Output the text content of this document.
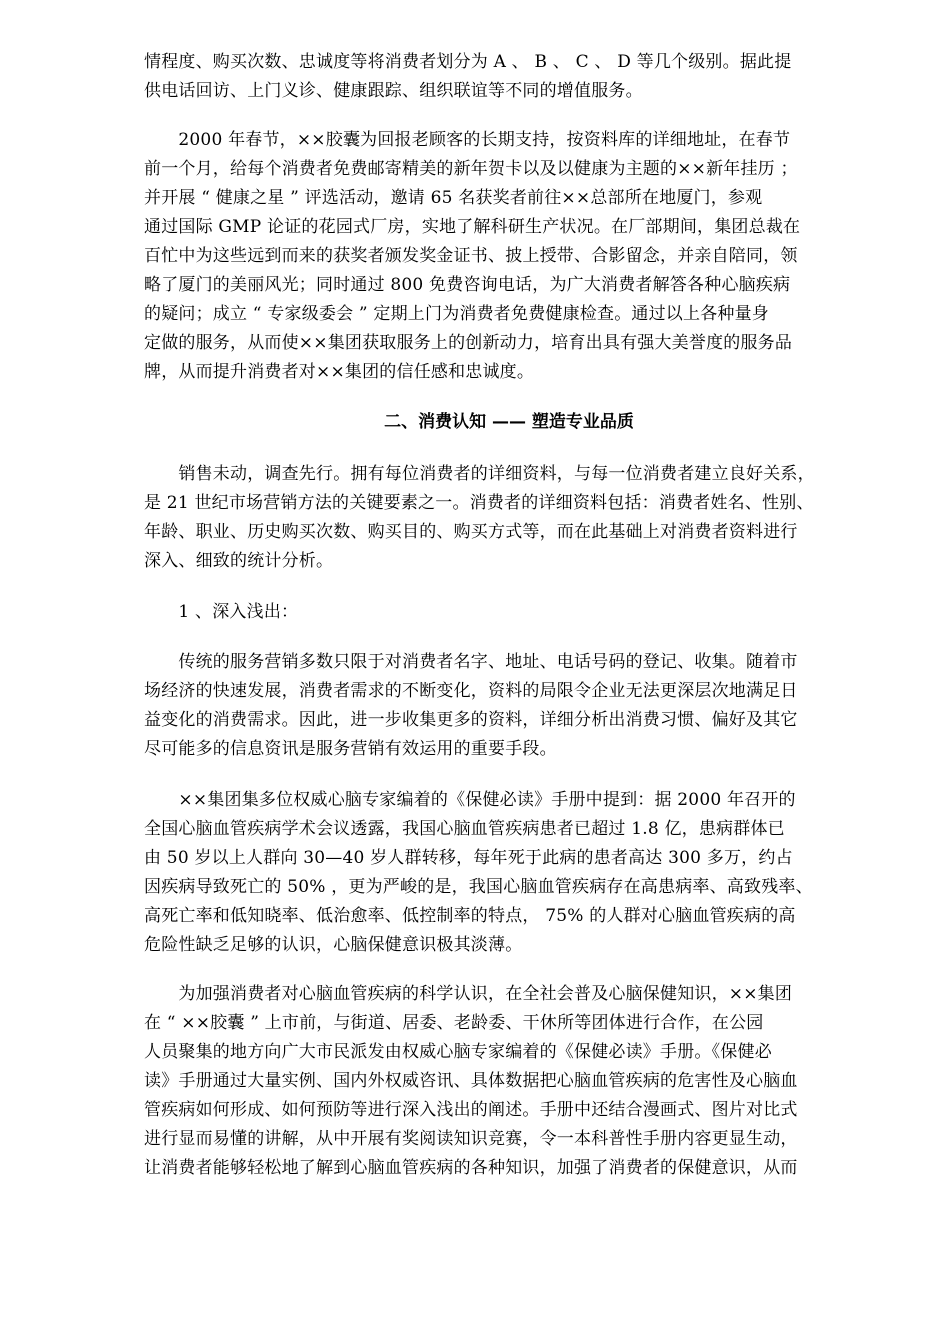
情程度、购买次数、忠诚度等将消费者划分为 A 、 B 、 C 、 D 等几个级别。据此提
供电话回访、上门义诊、健康跟踪、组织联谊等不同的增值服务。

　　2000 年春节，××胶囊为回报老顾客的长期支持，按资料库的详细地址，在春节
前一个月，给每个消费者免费邮寄精美的新年贺卡以及以健康为主题的××新年挂历 ；
并开展 “ 健康之星 ” 评选活动，邀请 65 名获奖者前往××总部所在地厦门，参观
通过国际 GMP 论证的花园式厂房，实地了解科研生产状况。在厂部期间，集团总裁在
百忙中为这些远到而来的获奖者颁发奖金证书、披上授带、合影留念，并亲自陪同，领
略了厦门的美丽风光；同时通过 800 免费咨询电话，为广大消费者解答各种心脑疾病
的疑问；成立 “ 专家级委会 ” 定期上门为消费者免费健康检查。通过以上各种量身
定做的服务，从而使××集团获取服务上的创新动力，培育出具有强大美誉度的服务品
牌，从而提升消费者对××集团的信任感和忠诚度。

二、消费认知 —— 塑造专业品质

　　销售未动，调查先行。拥有每位消费者的详细资料，与每一位消费者建立良好关系，
是 21 世纪市场营销方法的关键要素之一。消费者的详细资料包括：消费者姓名、性别、
年龄、职业、历史购买次数、购买目的、购买方式等，而在此基础上对消费者资料进行
深入、细致的统计分析。

　　1 、深入浅出：

　　传统的服务营销多数只限于对消费者名字、地址、电话号码的登记、收集。随着市
场经济的快速发展，消费者需求的不断变化，资料的局限令企业无法更深层次地满足日
益变化的消费需求。因此，进一步收集更多的资料，详细分析出消费习惯、偏好及其它
尽可能多的信息资讯是服务营销有效运用的重要手段。

　　××集团集多位权威心脑专家编着的《保健必读》手册中提到：据 2000 年召开的
全国心脑血管疾病学术会议透露，我国心脑血管疾病患者已超过 1.8 亿，患病群体已
由 50 岁以上人群向 30—40 岁人群转移，每年死于此病的患者高达 300 多万，约占
因疾病导致死亡的 50% ，更为严峻的是，我国心脑血管疾病存在高患病率、高致残率、
高死亡率和低知晓率、低治愈率、低控制率的特点， 75% 的人群对心脑血管疾病的高
危险性缺乏足够的认识，心脑保健意识极其淡薄。

　　为加强消费者对心脑血管疾病的科学认识，在全社会普及心脑保健知识，××集团
在 “ ××胶囊 ” 上市前，与街道、居委、老龄委、干休所等团体进行合作，在公园
人员聚集的地方向广大市民派发由权威心脑专家编着的《保健必读》手册。《保健必
读》手册通过大量实例、国内外权威咨讯、具体数据把心脑血管疾病的危害性及心脑血
管疾病如何形成、如何预防等进行深入浅出的阐述。手册中还结合漫画式、图片对比式
进行显而易懂的讲解，从中开展有奖阅读知识竞赛，令一本科普性手册内容更显生动，
让消费者能够轻松地了解到心脑血管疾病的各种知识，加强了消费者的保健意识，从而
